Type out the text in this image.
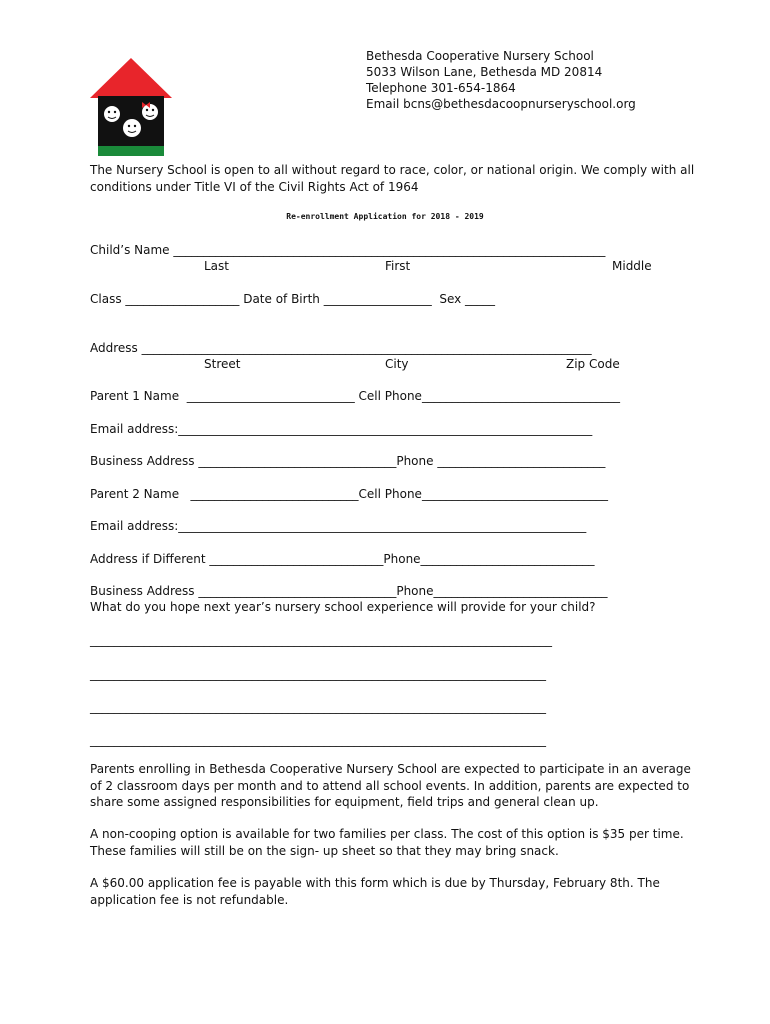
Bethesda Cooperative Nursery School
5033 Wilson Lane, Bethesda MD 20814
Telephone 301-654-1864
Email bcns@bethesdacoopnurseryschool.org
The Nursery School is open to all without regard to race, color, or national origin. We comply with all conditions under Title VI of the Civil Rights Act of 1964
Re-enrollment Application for 2018 - 2019
Child’s Name ________________________________________________________________________
Last	First	Middle
Class ___________________ Date of Birth __________________  Sex _____
Address ___________________________________________________________________________
Street	City	Zip Code
Parent 1 Name  ____________________________ Cell Phone_________________________________
Email address:_____________________________________________________________________
Business Address _________________________________Phone ____________________________
Parent 2 Name   ____________________________Cell Phone_______________________________
Email address:____________________________________________________________________
Address if Different _____________________________Phone_____________________________
Business Address _________________________________Phone_____________________________
What do you hope next year’s nursery school experience will provide for your child?
_____________________________________________________________________________
____________________________________________________________________________
____________________________________________________________________________
____________________________________________________________________________
Parents enrolling in Bethesda Cooperative Nursery School are expected to participate in an average of 2 classroom days per month and to attend all school events. In addition, parents are expected to share some assigned responsibilities for equipment, field trips and general clean up.
A non-cooping option is available for two families per class. The cost of this option is $35 per time. These families will still be on the sign- up sheet so that they may bring snack.
A $60.00 application fee is payable with this form which is due by Thursday, February 8th. The application fee is not refundable.
